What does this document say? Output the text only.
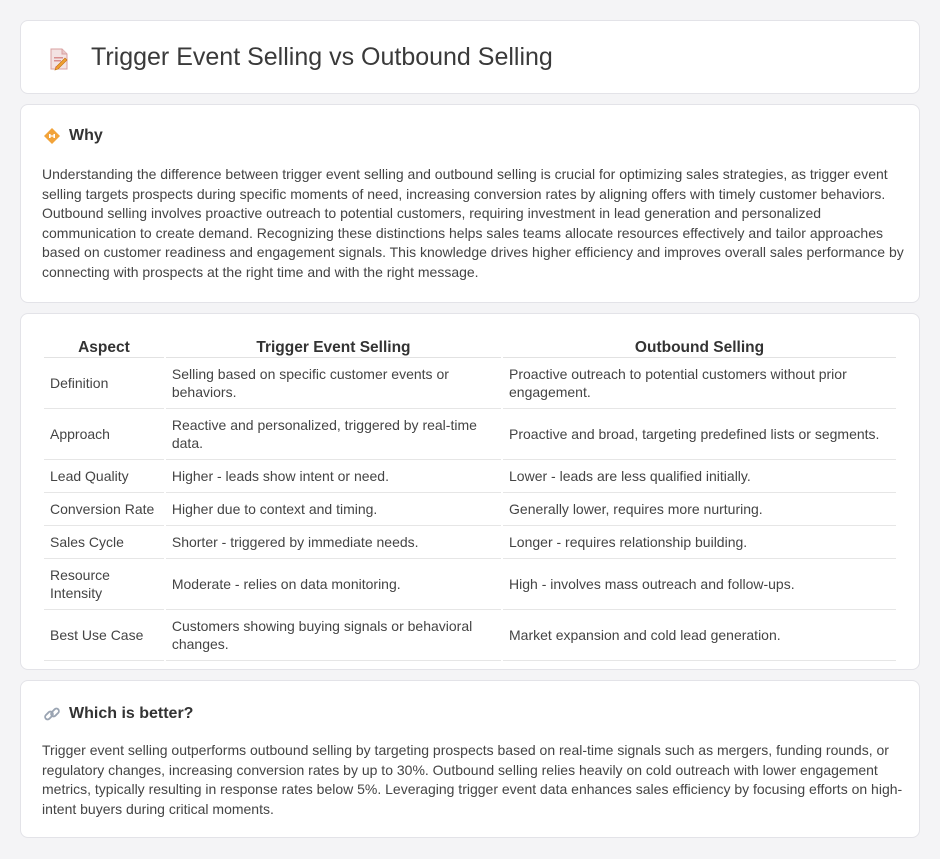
Trigger Event Selling vs Outbound Selling
Why

Understanding the difference between trigger event selling and outbound selling is crucial for optimizing sales strategies, as trigger event selling targets prospects during specific moments of need, increasing conversion rates by aligning offers with timely customer behaviors. Outbound selling involves proactive outreach to potential customers, requiring investment in lead generation and personalized communication to create demand. Recognizing these distinctions helps sales teams allocate resources effectively and tailor approaches based on customer readiness and engagement signals. This knowledge drives higher efficiency and improves overall sales performance by connecting with prospects at the right time and with the right message.

Aspect	Trigger Event Selling	Outbound Selling
Definition	Selling based on specific customer events or behaviors.	Proactive outreach to potential customers without prior engagement.
Approach	Reactive and personalized, triggered by real-time data.	Proactive and broad, targeting predefined lists or segments.
Lead Quality	Higher - leads show intent or need.	Lower - leads are less qualified initially.
Conversion Rate	Higher due to context and timing.	Generally lower, requires more nurturing.
Sales Cycle	Shorter - triggered by immediate needs.	Longer - requires relationship building.
Resource Intensity	Moderate - relies on data monitoring.	High - involves mass outreach and follow-ups.
Best Use Case	Customers showing buying signals or behavioral changes.	Market expansion and cold lead generation.
Which is better?

Trigger event selling outperforms outbound selling by targeting prospects based on real-time signals such as mergers, funding rounds, or regulatory changes, increasing conversion rates by up to 30%. Outbound selling relies heavily on cold outreach with lower engagement metrics, typically resulting in response rates below 5%. Leveraging trigger event data enhances sales efficiency by focusing efforts on high-intent buyers during critical moments.
